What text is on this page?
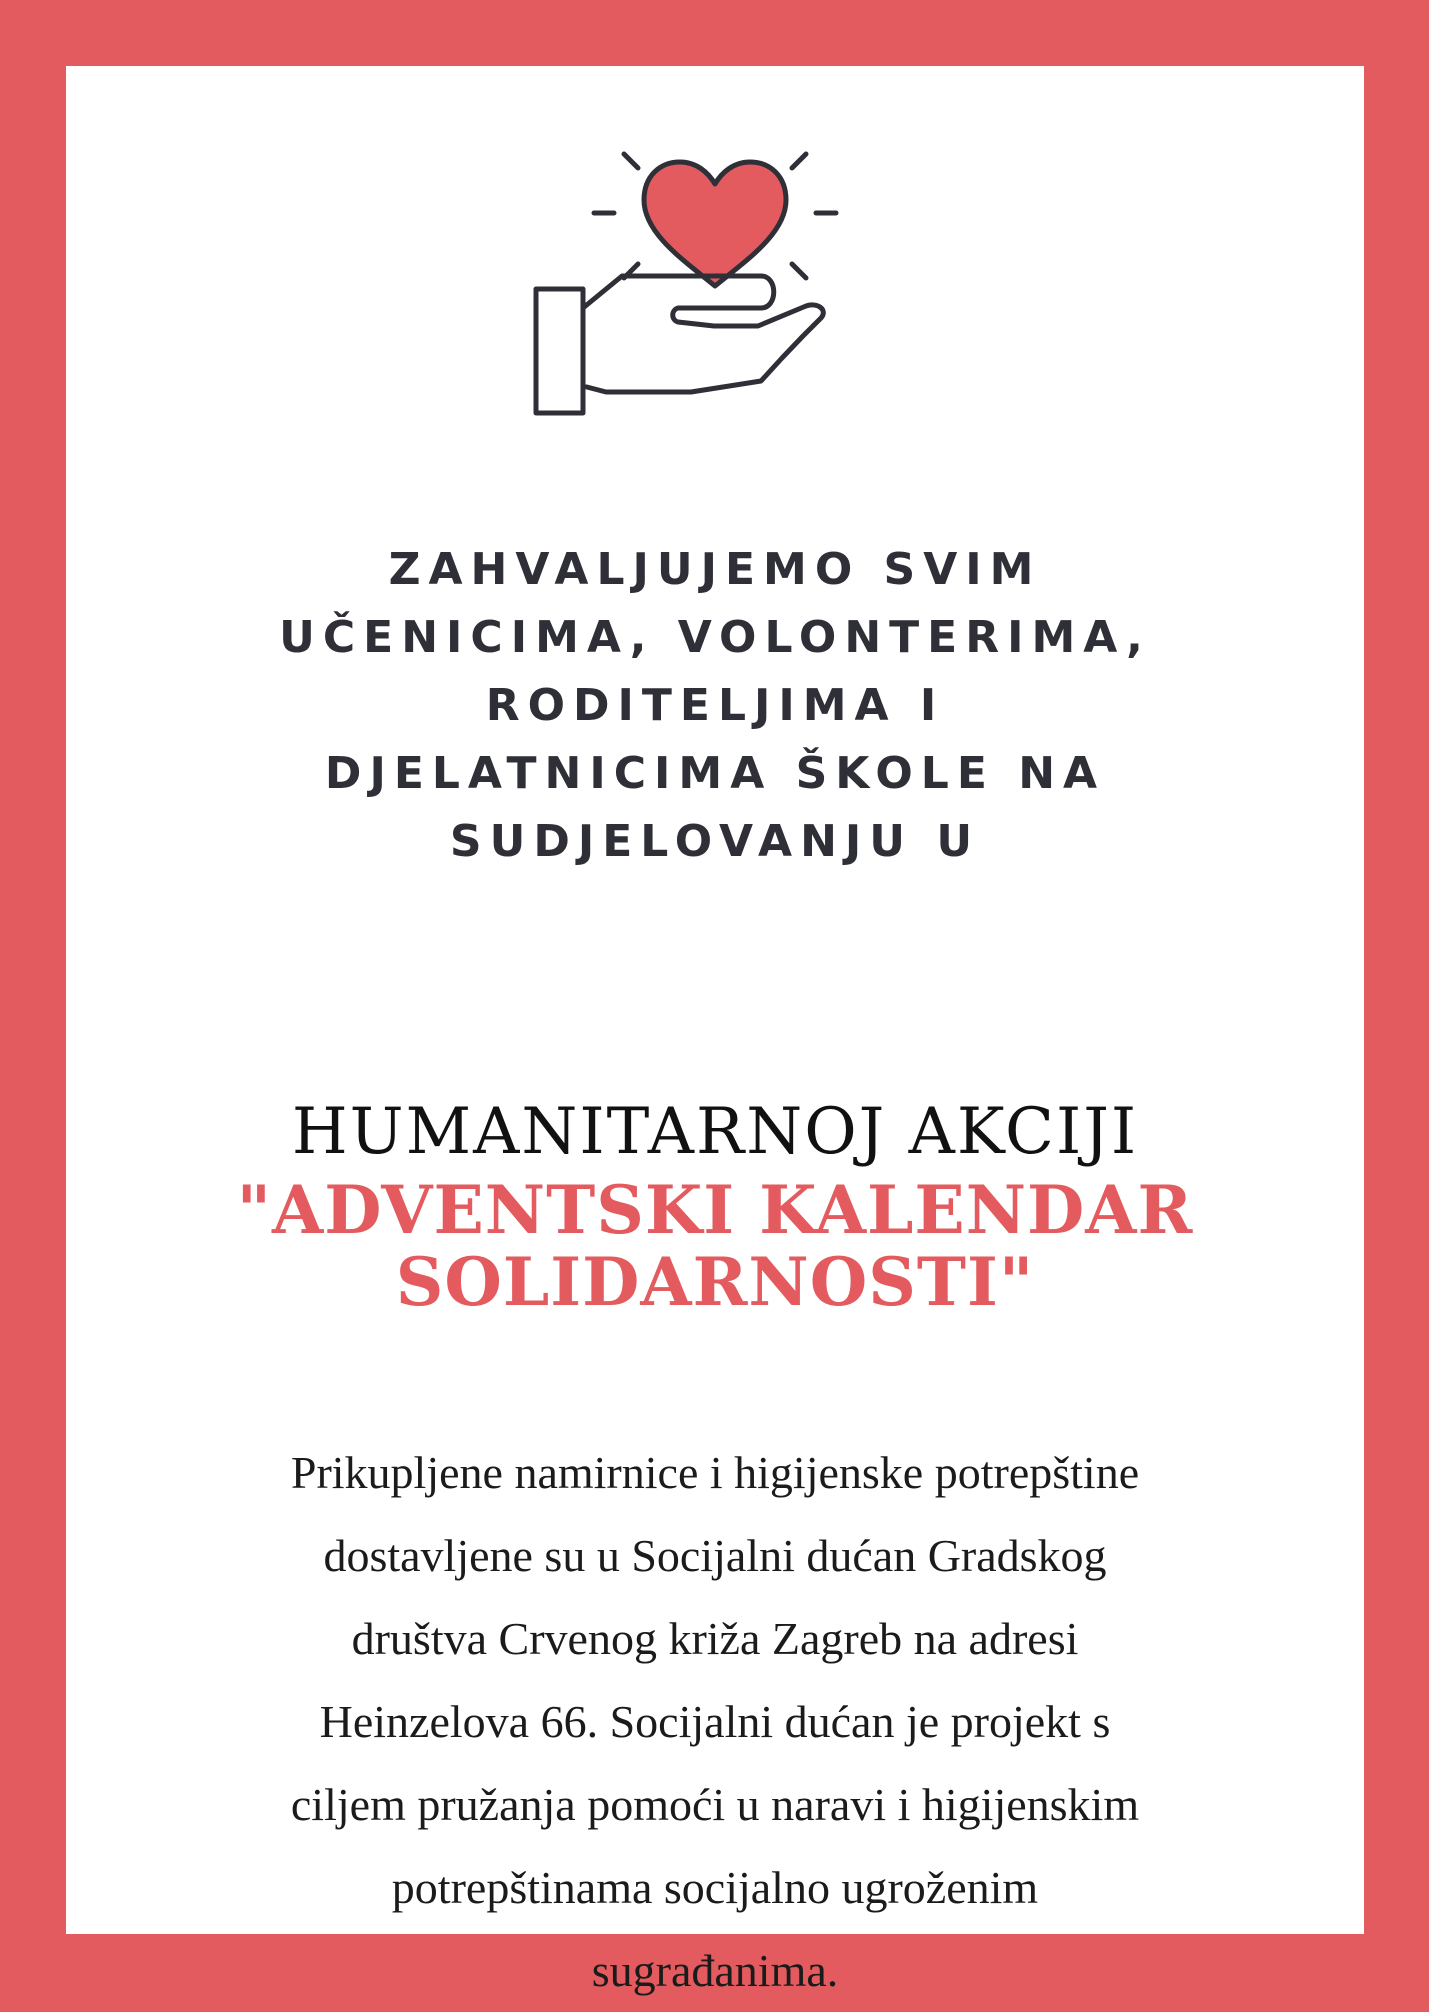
ZAHVALJUJEMO SVIM
UČENICIMA, VOLONTERIMA,
RODITELJIMA I
DJELATNICIMA ŠKOLE NA
SUDJELOVANJU U
HUMANITARNOJ AKCIJI
"ADVENTSKI KALENDAR
SOLIDARNOSTI"
Prikupljene namirnice i higijenske potrepštine
dostavljene su u Socijalni dućan Gradskog
društva Crvenog križa Zagreb na adresi
Heinzelova 66. Socijalni dućan je projekt s
ciljem pružanja pomoći u naravi i higijenskim
potrepštinama socijalno ugroženim
sugrađanima.
